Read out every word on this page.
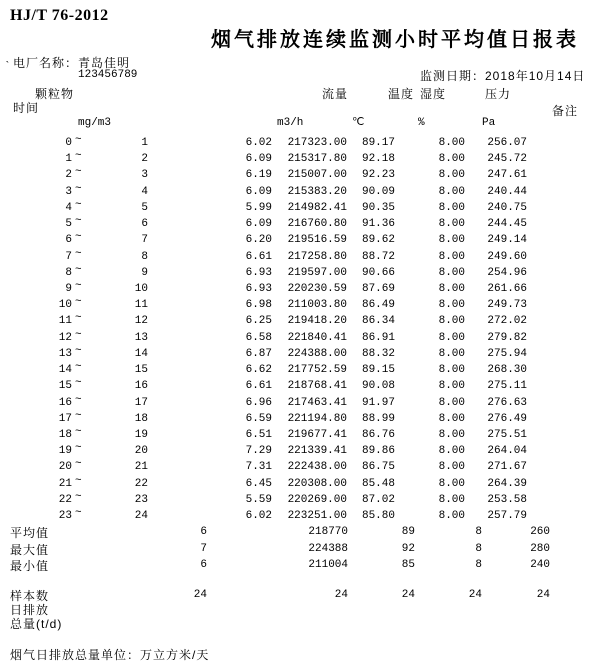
HJ/T 76-2012
烟气排放连续监测小时平均值日报表
电厂名称：青岛佳明
`
123456789	监测日期：2018年10月14日
颗粒物
时间
流量	温度 湿度	压力
备注
mg/m3	m3/h	℃	%	Pa
0 ~	1	6.02 217323.00 89.17	8.00 256.07
1 ~	2	6.09 215317.80 92.18	8.00 245.72
2 ~	3	6.19 215007.00 92.23	8.00 247.61
3 ~	4	6.09 215383.20 90.09	8.00 240.44
4 ~	5	5.99 214982.41 90.35	8.00 240.75
5 ~	6	6.09 216760.80 91.36	8.00 244.45
6 ~	7	6.20 219516.59 89.62	8.00 249.14
7 ~	8	6.61 217258.80 88.72	8.00 249.60
8 ~	9	6.93 219597.00 90.66	8.00 254.96
9 ~	10	6.93 220230.59 87.69	8.00 261.66
10 ~	11	6.98 211003.80 86.49	8.00 249.73
11 ~	12	6.25 219418.20 86.34	8.00 272.02
12 ~	13	6.58 221840.41 86.91	8.00 279.82
13 ~	14	6.87 224388.00 88.32	8.00 275.94
14 ~	15	6.62 217752.59 89.15	8.00 268.30
15 ~	16	6.61 218768.41 90.08	8.00 275.11
16 ~	17	6.96 217463.41 91.97	8.00 276.63
17 ~	18	6.59 221194.80 88.99	8.00 276.49
18 ~	19	6.51 219677.41 86.76	8.00 275.51
19 ~	20	7.29 221339.41 89.86	8.00 264.04
20 ~	21	7.31 222438.00 86.75	8.00 271.67
21 ~	22	6.45 220308.00 85.48	8.00 264.39
22 ~	23	5.59 220269.00 87.02	8.00 253.58
23 ~	24	6.02 223251.00 85.80	8.00 257.79
平均值	6	218770	89	8	260
最大值	7	224388	92	8	280
最小值	6	211004	85	8	240
样本数	24	24	24	24	24
日排放
总量(t/d)
烟气日排放总量单位：万立方米/天
